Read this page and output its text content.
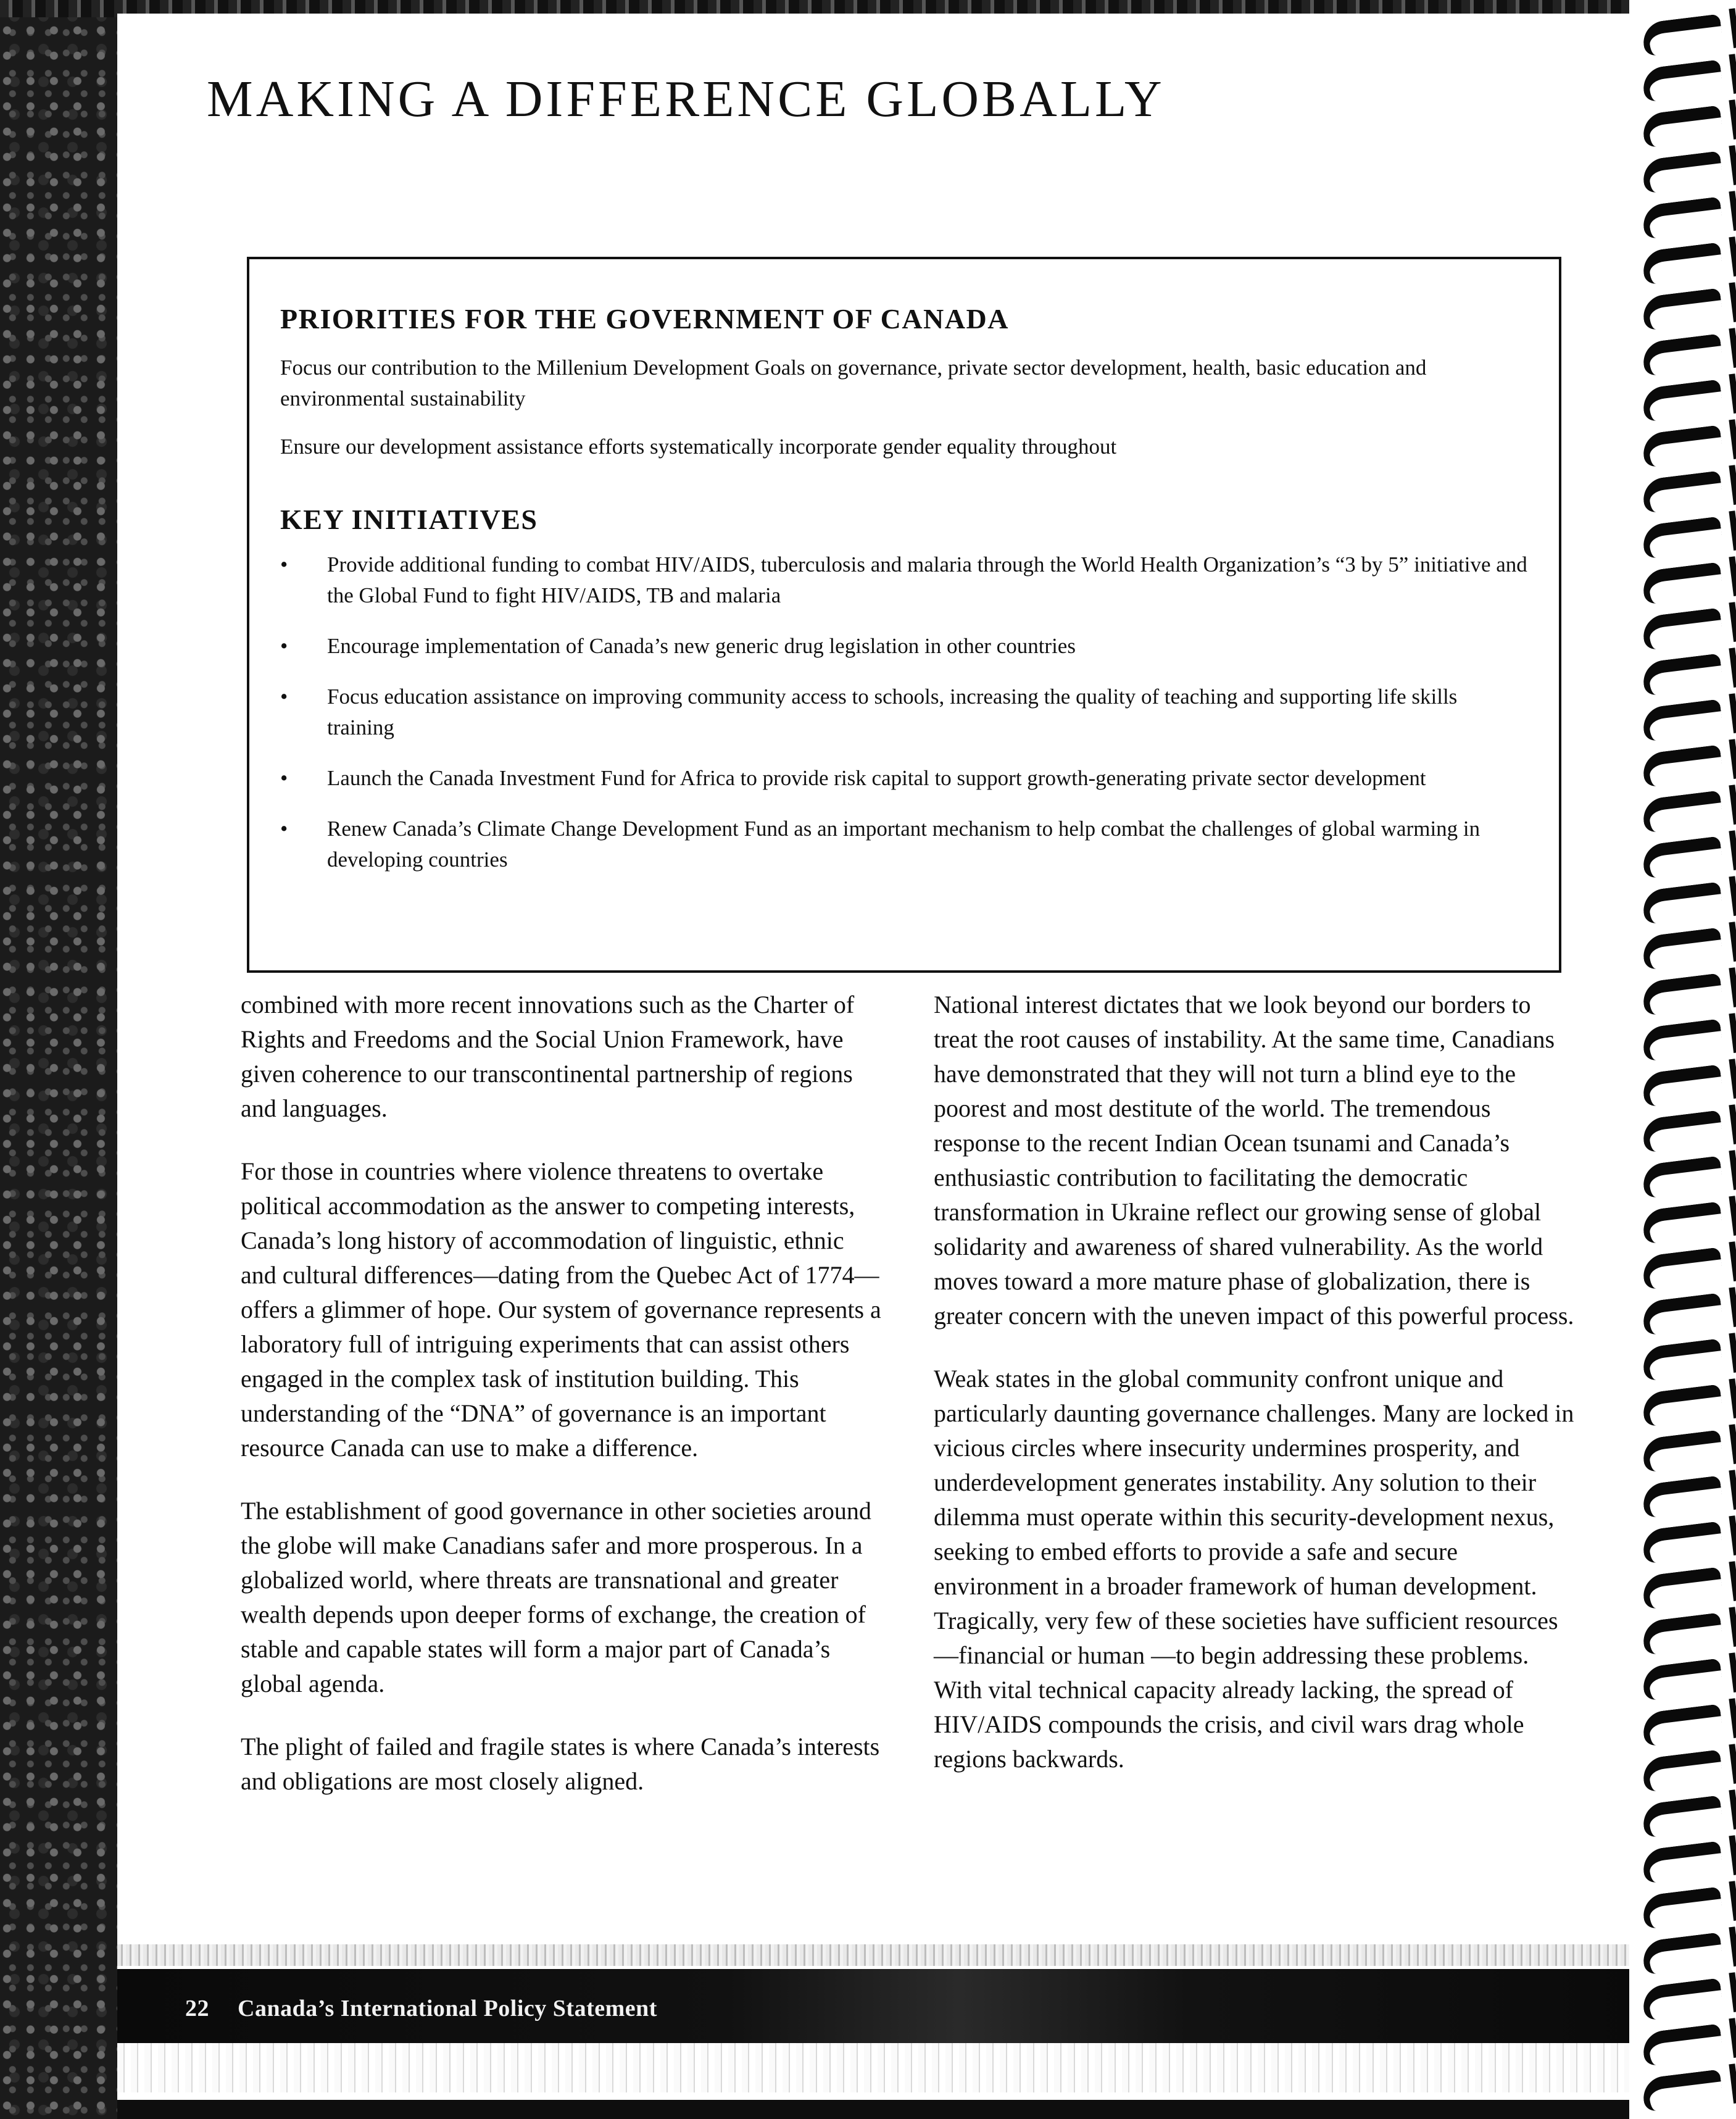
MAKING A DIFFERENCE GLOBALLY
PRIORITIES FOR THE GOVERNMENT OF CANADA

Focus our contribution to the Millenium Development Goals on governance, private sector development, health, basic education and environmental sustainability

Ensure our development assistance efforts systematically incorporate gender equality throughout

KEY INITIATIVES
• Provide additional funding to combat HIV/AIDS, tuberculosis and malaria through the World Health Organization’s “3 by 5” initiative and the Global Fund to fight HIV/AIDS, TB and malaria
• Encourage implementation of Canada’s new generic drug legislation in other countries
• Focus education assistance on improving community access to schools, increasing the quality of teaching and supporting life skills training
• Launch the Canada Investment Fund for Africa to provide risk capital to support growth-generating private sector development
• Renew Canada’s Climate Change Development Fund as an important mechanism to help combat the challenges of global warming in developing countries

combined with more recent innovations such as the Charter of Rights and Freedoms and the Social Union Framework, have given coherence to our transcontinental partnership of regions and languages.

For those in countries where violence threatens to overtake political accommodation as the answer to competing interests, Canada’s long history of accommodation of linguistic, ethnic and cultural differences—dating from the Quebec Act of 1774—offers a glimmer of hope. Our system of governance represents a laboratory full of intriguing experiments that can assist others engaged in the complex task of institution building. This understanding of the “DNA” of governance is an important resource Canada can use to make a difference.

The establishment of good governance in other societies around the globe will make Canadians safer and more prosperous. In a globalized world, where threats are transnational and greater wealth depends upon deeper forms of exchange, the creation of stable and capable states will form a major part of Canada’s global agenda.

The plight of failed and fragile states is where Canada’s interests and obligations are most closely aligned.

National interest dictates that we look beyond our borders to treat the root causes of instability. At the same time, Canadians have demonstrated that they will not turn a blind eye to the poorest and most destitute of the world. The tremendous response to the recent Indian Ocean tsunami and Canada’s enthusiastic contribution to facilitating the democratic transformation in Ukraine reflect our growing sense of global solidarity and awareness of shared vulnerability. As the world moves toward a more mature phase of globalization, there is greater concern with the uneven impact of this powerful process.

Weak states in the global community confront unique and particularly daunting governance challenges. Many are locked in vicious circles where insecurity undermines prosperity, and underdevelopment generates instability. Any solution to their dilemma must operate within this security-development nexus, seeking to embed efforts to provide a safe and secure environment in a broader framework of human development. Tragically, very few of these societies have sufficient resources—financial or human —to begin addressing these problems. With vital technical capacity already lacking, the spread of HIV/AIDS compounds the crisis, and civil wars drag whole regions backwards.

22 Canada’s International Policy Statement
